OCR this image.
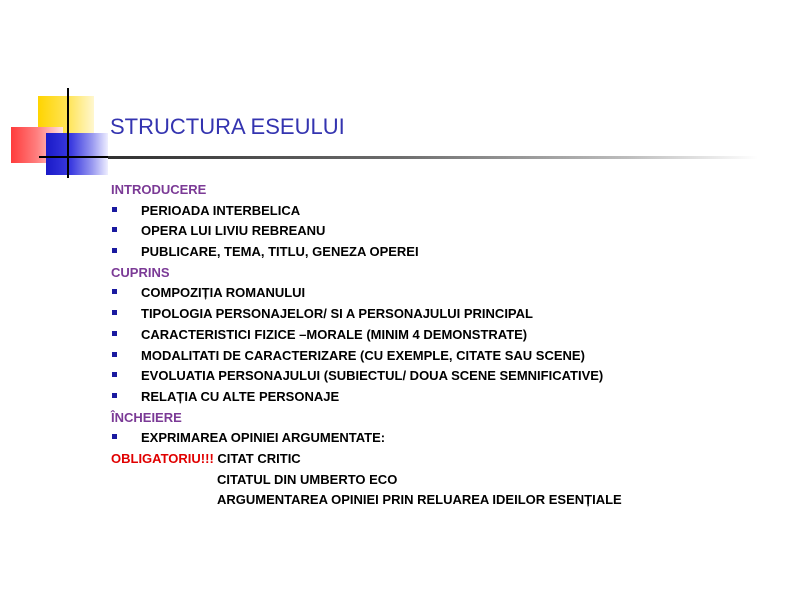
STRUCTURA ESEULUI
INTRODUCERE
PERIOADA INTERBELICA
OPERA LUI LIVIU REBREANU
PUBLICARE, TEMA, TITLU, GENEZA OPEREI
CUPRINS
COMPOZIȚIA ROMANULUI
TIPOLOGIA PERSONAJELOR/ SI A PERSONAJULUI PRINCIPAL
CARACTERISTICI FIZICE –MORALE (MINIM 4 DEMONSTRATE)
MODALITATI DE CARACTERIZARE (CU EXEMPLE, CITATE SAU SCENE)
EVOLUATIA PERSONAJULUI (SUBIECTUL/ DOUA SCENE SEMNIFICATIVE)
RELAȚIA CU ALTE PERSONAJE
ÎNCHEIERE
EXPRIMAREA OPINIEI ARGUMENTATE:
OBLIGATORIU!!! CITAT CRITIC
CITATUL DIN UMBERTO ECO
ARGUMENTAREA OPINIEI PRIN RELUAREA IDEILOR ESENȚIALE
